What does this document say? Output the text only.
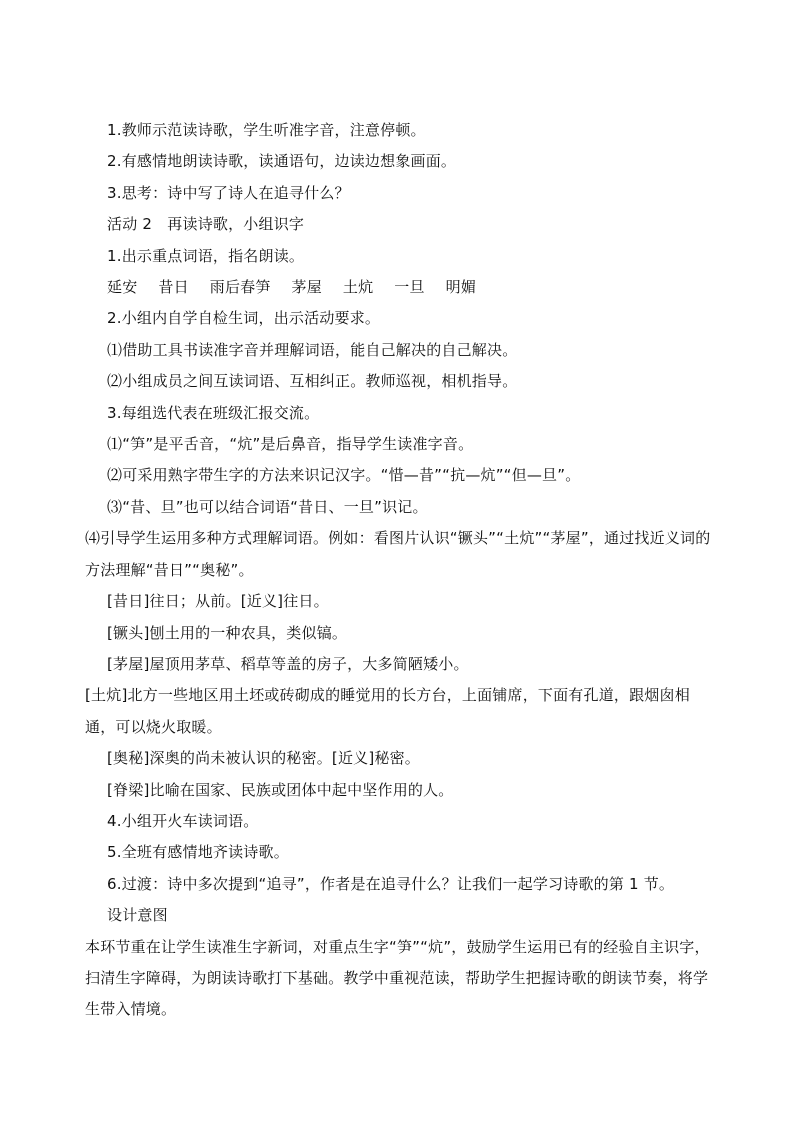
1.教师示范读诗歌，学生听准字音，注意停顿。
2.有感情地朗读诗歌，读通语句，边读边想象画面。
3.思考：诗中写了诗人在追寻什么？
活动 2　再读诗歌，小组识字
1.出示重点词语，指名朗读。
延安 昔日 雨后春笋 茅屋 土炕 一旦 明媚
2.小组内自学自检生词，出示活动要求。
⑴借助工具书读准字音并理解词语，能自己解决的自己解决。
⑵小组成员之间互读词语、互相纠正。教师巡视，相机指导。
3.每组选代表在班级汇报交流。
⑴“笋”是平舌音，“炕”是后鼻音，指导学生读准字音。
⑵可采用熟字带生字的方法来识记汉字。“惜—昔”“抗—炕”“但—旦”。
⑶“昔、旦”也可以结合词语“昔日、一旦”识记。
⑷引导学生运用多种方式理解词语。例如：看图片认识“镢头”“土炕”“茅屋”，通过找近义词的方法理解“昔日”“奥秘”。
[昔日]往日；从前。[近义]往日。
[镢头]刨土用的一种农具，类似镐。
[茅屋]屋顶用茅草、稻草等盖的房子，大多简陋矮小。
[土炕]北方一些地区用土坯或砖砌成的睡觉用的长方台，上面铺席，下面有孔道，跟烟囱相通，可以烧火取暖。
[奥秘]深奥的尚未被认识的秘密。[近义]秘密。
[脊梁]比喻在国家、民族或团体中起中坚作用的人。
4.小组开火车读词语。
5.全班有感情地齐读诗歌。
6.过渡：诗中多次提到“追寻”，作者是在追寻什么？让我们一起学习诗歌的第 1 节。
设计意图
本环节重在让学生读准生字新词，对重点生字“笋”“炕”，鼓励学生运用已有的经验自主识字，扫清生字障碍，为朗读诗歌打下基础。教学中重视范读，帮助学生把握诗歌的朗读节奏，将学生带入情境。
